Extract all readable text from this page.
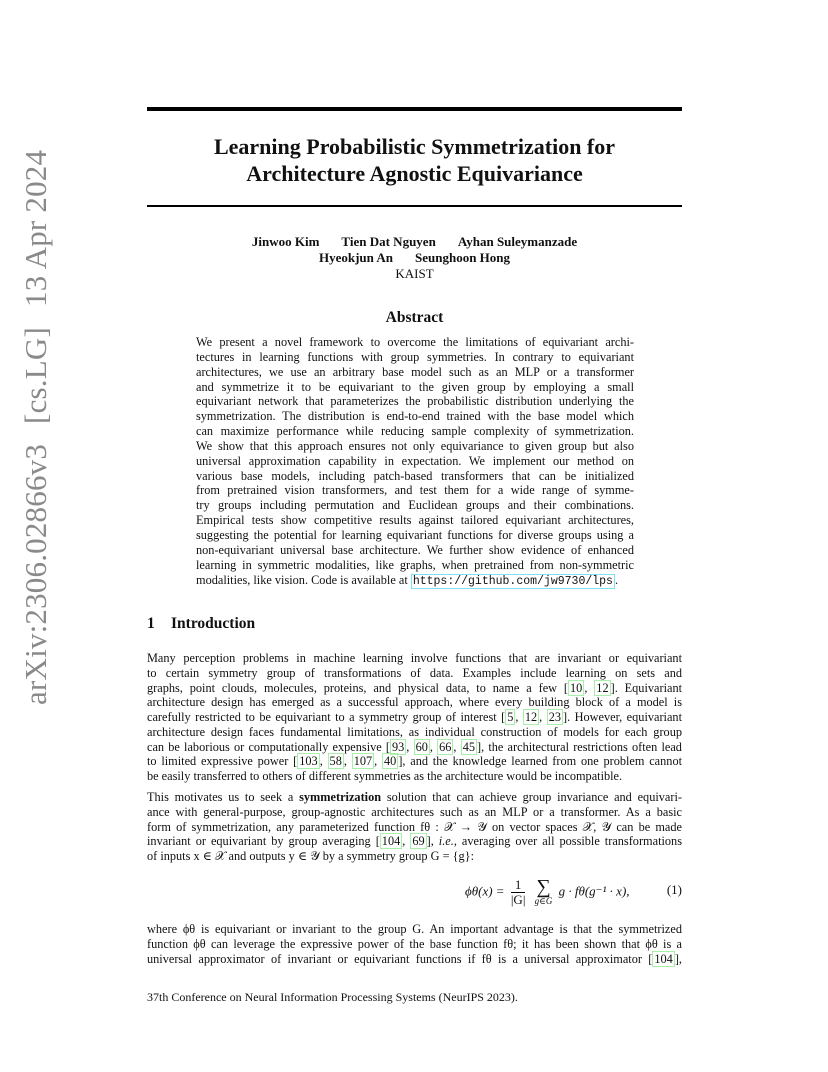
arXiv:2306.02866v3[cs.LG]13 Apr 2024
Learning Probabilistic Symmetrization for
Architecture Agnostic Equivariance
Jinwoo Kim Tien Dat Nguyen Ayhan Suleymanzade
Hyeokjun An Seunghoon Hong
KAIST
Abstract
We present a novel framework to overcome the limitations of equivariant archi-
tectures in learning functions with group symmetries. In contrary to equivariant
architectures, we use an arbitrary base model such as an MLP or a transformer
and symmetrize it to be equivariant to the given group by employing a small
equivariant network that parameterizes the probabilistic distribution underlying the
symmetrization. The distribution is end-to-end trained with the base model which
can maximize performance while reducing sample complexity of symmetrization.
We show that this approach ensures not only equivariance to given group but also
universal approximation capability in expectation. We implement our method on
various base models, including patch-based transformers that can be initialized
from pretrained vision transformers, and test them for a wide range of symme-
try groups including permutation and Euclidean groups and their combinations.
Empirical tests show competitive results against tailored equivariant architectures,
suggesting the potential for learning equivariant functions for diverse groups using a
non-equivariant universal base architecture. We further show evidence of enhanced
learning in symmetric modalities, like graphs, when pretrained from non-symmetric
modalities, like vision. Code is available at https://github.com/jw9730/lps .
1 Introduction
Many perception problems in machine learning involve functions that are invariant or equivariant
to certain symmetry group of transformations of data. Examples include learning on sets and
graphs, point clouds, molecules, proteins, and physical data, to name a few [ 10 , 12 ]. Equivariant
architecture design has emerged as a successful approach, where every building block of a model is
carefully restricted to be equivariant to a symmetry group of interest [ 5 , 12 , 23 ]. However, equivariant
architecture design faces fundamental limitations, as individual construction of models for each group
can be laborious or computationally expensive [ 93 , 60 , 66 , 45 ], the architectural restrictions often lead
to limited expressive power [ 103 , 58 , 107 , 40 ], and the knowledge learned from one problem cannot
be easily transferred to others of different symmetries as the architecture would be incompatible.
This motivates us to seek a symmetrization solution that can achieve group invariance and equivari-
ance with general-purpose, group-agnostic architectures such as an MLP or a transformer. As a basic
form of symmetrization, any parameterized function fθ : 𝒳 → 𝒴 on vector spaces 𝒳, 𝒴 can be made
invariant or equivariant by group averaging [ 104 , 69 ], i.e., averaging over all possible transformations
of inputs x ∈ 𝒳 and outputs y ∈ 𝒴 by a symmetry group G = {g}:
$\phi\theta(x) = \frac{1}{|G|}$
∑
g∈G
g · fθ(g⁻¹ · x),	(1)
where ϕθ is equivariant or invariant to the group G. An important advantage is that the symmetrized
function ϕθ can leverage the expressive power of the base function fθ; it has been shown that ϕθ is a
universal approximator of invariant or equivariant functions if fθ is a universal approximator [ 104 ],
37th Conference on Neural Information Processing Systems (NeurIPS 2023).
